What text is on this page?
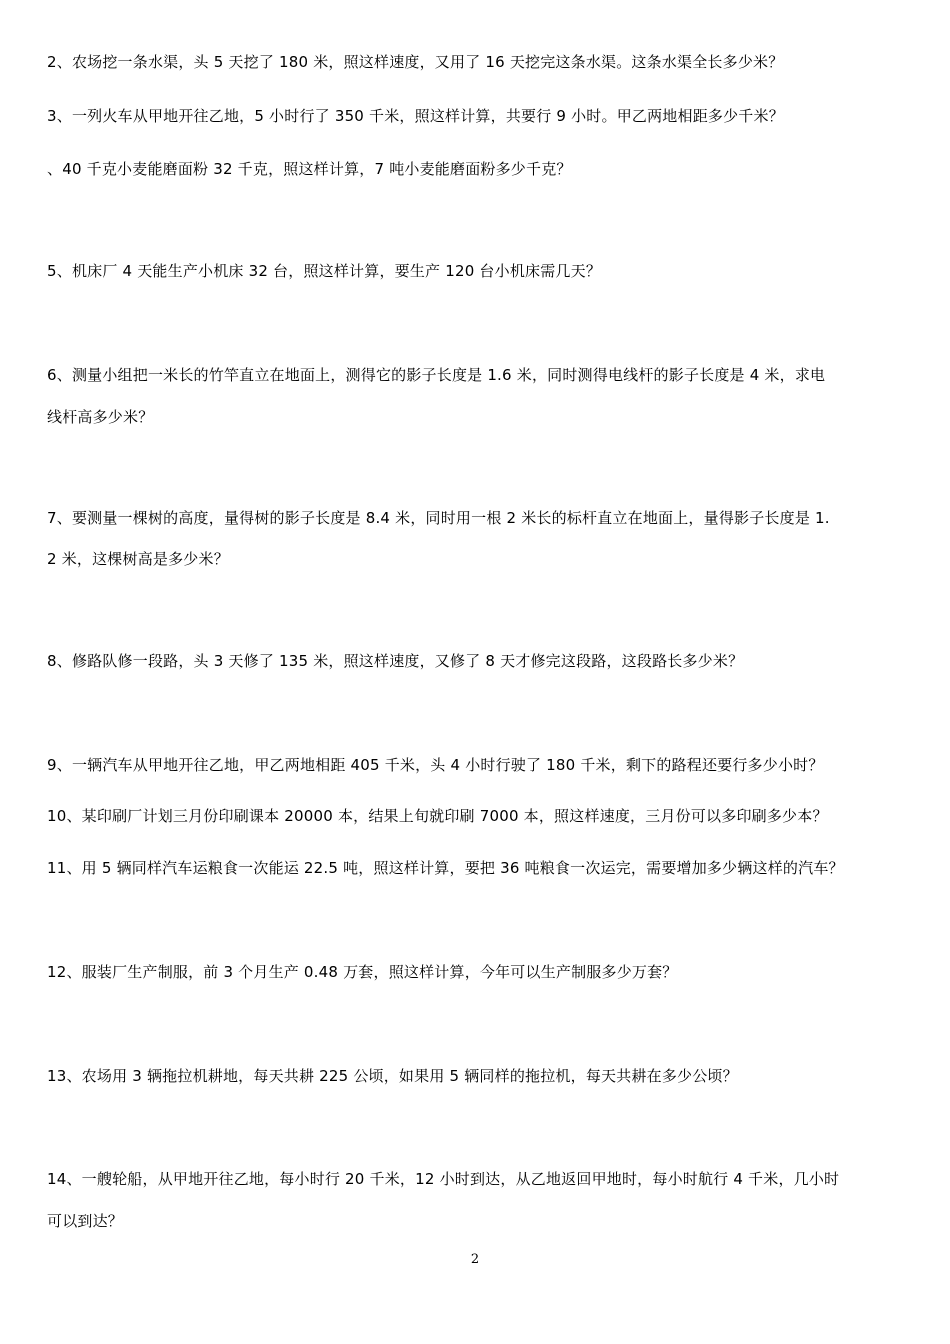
2、农场挖一条水渠，头 5 天挖了 180 米，照这样速度，又用了 16 天挖完这条水渠。这条水渠全长多少米？
3、一列火车从甲地开往乙地，5 小时行了 350 千米，照这样计算，共要行 9 小时。甲乙两地相距多少千米？
、40 千克小麦能磨面粉 32 千克，照这样计算，7 吨小麦能磨面粉多少千克？
5、机床厂 4 天能生产小机床 32 台，照这样计算，要生产 120 台小机床需几天？
6、测量小组把一米长的竹竿直立在地面上，测得它的影子长度是 1.6 米，同时测得电线杆的影子长度是 4 米，求电
线杆高多少米？
7、要测量一棵树的高度，量得树的影子长度是 8.4 米，同时用一根 2 米长的标杆直立在地面上，量得影子长度是 1.
2 米，这棵树高是多少米？
8、修路队修一段路，头 3 天修了 135 米，照这样速度，又修了 8 天才修完这段路，这段路长多少米？
9、一辆汽车从甲地开往乙地，甲乙两地相距 405 千米，头 4 小时行驶了 180 千米，剩下的路程还要行多少小时？
10、某印刷厂计划三月份印刷课本 20000 本，结果上旬就印刷 7000 本，照这样速度，三月份可以多印刷多少本？
11、用 5 辆同样汽车运粮食一次能运 22.5 吨，照这样计算，要把 36 吨粮食一次运完，需要增加多少辆这样的汽车？
12、服装厂生产制服，前 3 个月生产 0.48 万套，照这样计算，今年可以生产制服多少万套？
13、农场用 3 辆拖拉机耕地，每天共耕 225 公顷，如果用 5 辆同样的拖拉机，每天共耕在多少公顷？
14、一艘轮船，从甲地开往乙地，每小时行 20 千米，12 小时到达，从乙地返回甲地时，每小时航行 4 千米，几小时
可以到达？
2
